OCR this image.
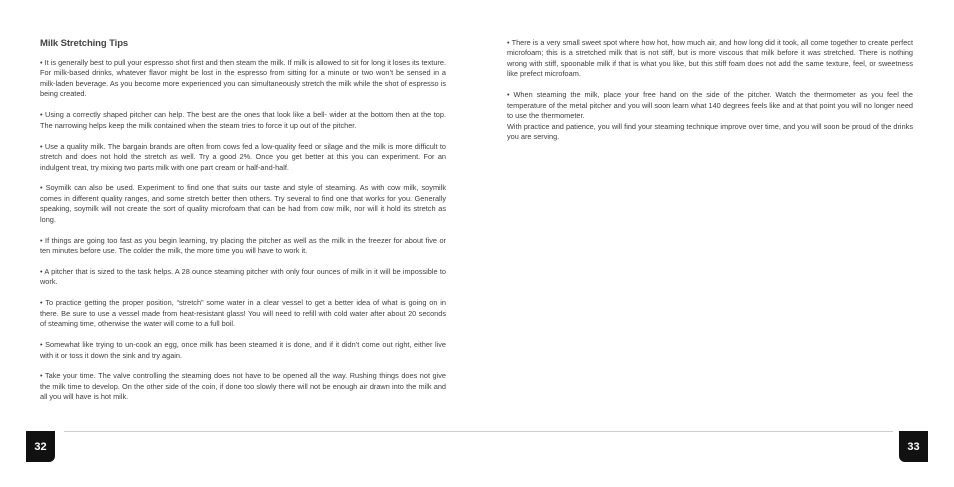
Milk Stretching Tips

• It is generally best to pull your espresso shot first and then steam the milk. If milk is allowed to sit for long it loses its texture. For milk-based drinks, whatever flavor might be lost in the espresso from sitting for a minute or two won’t be sensed in a milk-laden beverage. As you become more experienced you can simultaneously stretch the milk while the shot of espresso is being created.

• Using a correctly shaped pitcher can help. The best are the ones that look like a bell- wider at the bottom then at the top. The narrowing helps keep the milk contained when the steam tries to force it up out of the pitcher.

• Use a quality milk. The bargain brands are often from cows fed a low-quality feed or silage and the milk is more difficult to stretch and does not hold the stretch as well. Try a good 2%. Once you get better at this you can experiment. For an indulgent treat, try mixing two parts milk with one part cream or half-and-half.

• Soymilk can also be used. Experiment to find one that suits our taste and style of steaming. As with cow milk, soymilk comes in different quality ranges, and some stretch better then others. Try several to find one that works for you. Generally speaking, soymilk will not create the sort of quality microfoam that can be had from cow milk, nor will it hold its stretch as long.

• If things are going too fast as you begin learning, try placing the pitcher as well as the milk in the freezer for about five or ten minutes before use. The colder the milk, the more time you will have to work it.

• A pitcher that is sized to the task helps. A 28 ounce steaming pitcher with only four ounces of milk in it will be impossible to work.

• To practice getting the proper position, “stretch” some water in a clear vessel to get a better idea of what is going on in there. Be sure to use a vessel made from heat-resistant glass! You will need to refill with cold water after about 20 seconds of steaming time, otherwise the water will come to a full boil.

• Somewhat like trying to un-cook an egg, once milk has been steamed it is done, and if it didn’t come out right, either live with it or toss it down the sink and try again.

• Take your time. The valve controlling the steaming does not have to be opened all the way. Rushing things does not give the milk time to develop. On the other side of the coin, if done too slowly there will not be enough air drawn into the milk and all you will have is hot milk.

32

• There is a very small sweet spot where how hot, how much air, and how long did it took, all come together to create perfect microfoam; this is a stretched milk that is not stiff, but is more viscous that milk before it was stretched. There is nothing wrong with stiff, spoonable milk if that is what you like, but this stiff foam does not add the same texture, feel, or sweetness like prefect microfoam.

• When steaming the milk, place your free hand on the side of the pitcher. Watch the thermometer as you feel the temperature of the metal pitcher and you will soon learn what 140 degrees feels like and at that point you will no longer need to use the thermometer.

With practice and patience, you will find your steaming technique improve over time, and you will soon be proud of the drinks you are serving.

33
